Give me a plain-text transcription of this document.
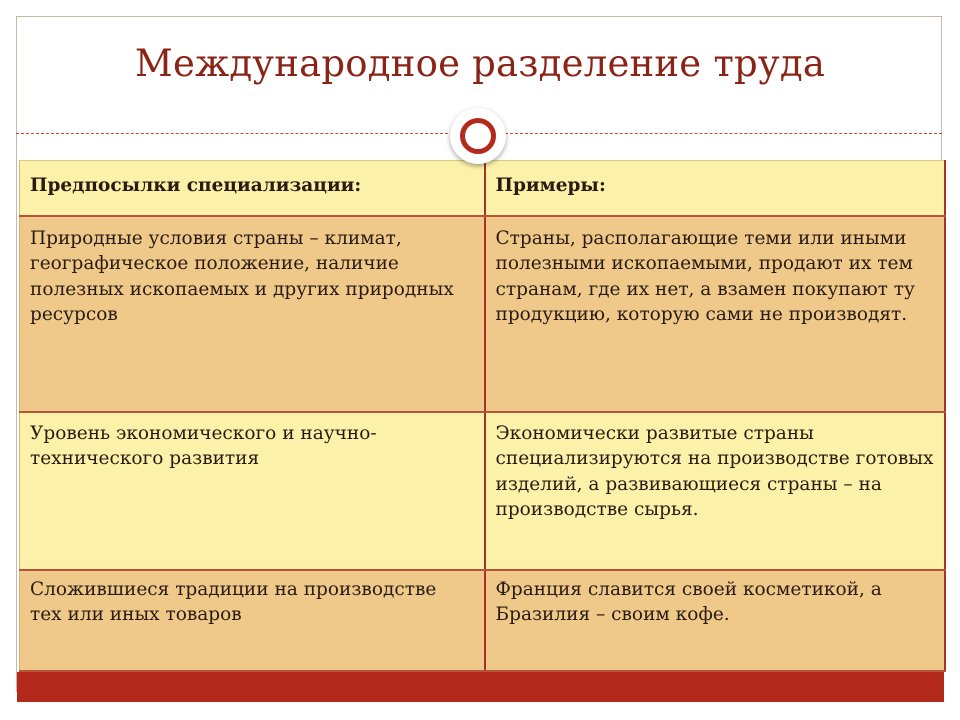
Международное разделение труда
Предпосылки специализации:	Примеры:
Природные условия страны – климат, географическое положение, наличие полезных ископаемых и других природных ресурсов	Страны, располагающие теми или иными полезными ископаемыми, продают их тем странам, где их нет, а взамен покупают ту продукцию, которую сами не производят.
Уровень экономического и научно-технического развития	Экономически развитые страны специализируются на производстве готовых изделий, а развивающиеся страны – на производстве сырья.
Сложившиеся традиции на производстве тех или иных товаров	Франция славится своей косметикой, а Бразилия – своим кофе.
